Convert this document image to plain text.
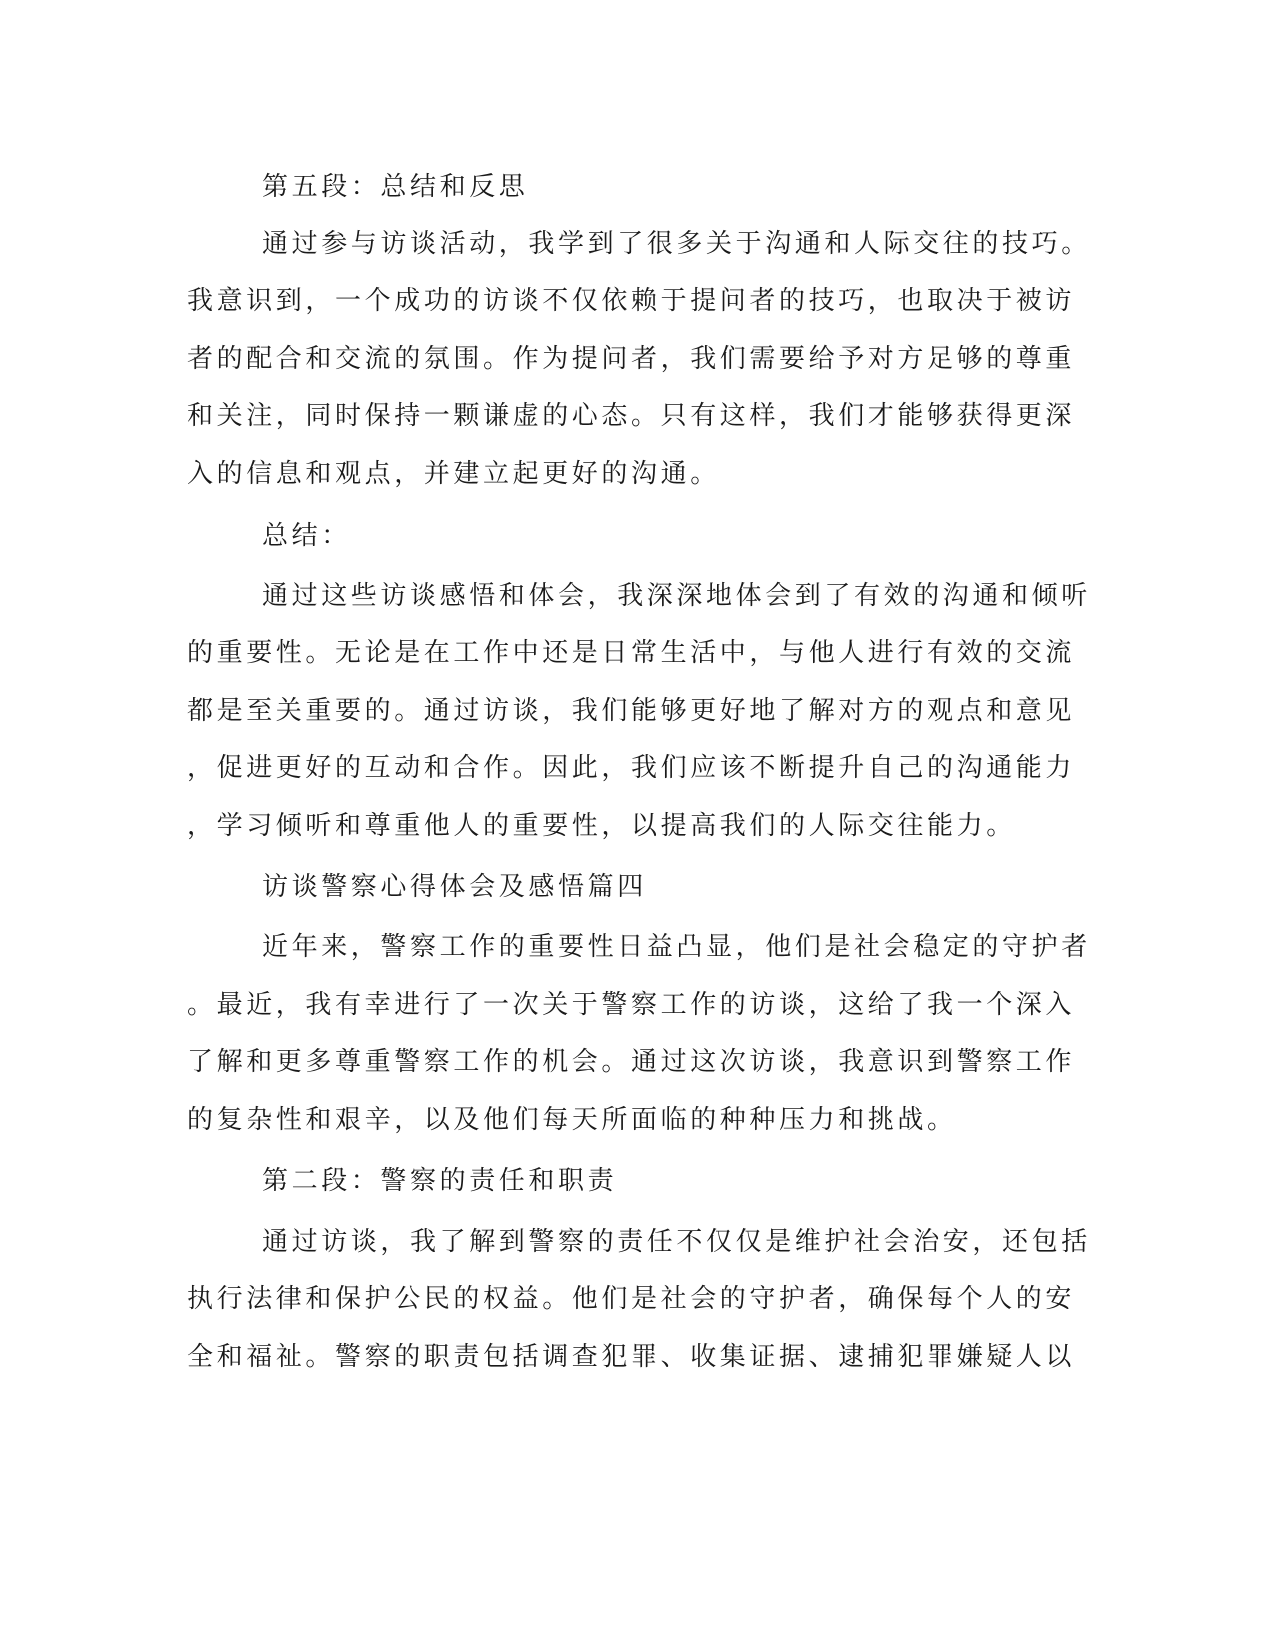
第五段：总结和反思
通过参与访谈活动，我学到了很多关于沟通和人际交往的技巧。
我意识到，一个成功的访谈不仅依赖于提问者的技巧，也取决于被访
者的配合和交流的氛围。作为提问者，我们需要给予对方足够的尊重
和关注，同时保持一颗谦虚的心态。只有这样，我们才能够获得更深
入的信息和观点，并建立起更好的沟通。
总结：
通过这些访谈感悟和体会，我深深地体会到了有效的沟通和倾听
的重要性。无论是在工作中还是日常生活中，与他人进行有效的交流
都是至关重要的。通过访谈，我们能够更好地了解对方的观点和意见
，促进更好的互动和合作。因此，我们应该不断提升自己的沟通能力
，学习倾听和尊重他人的重要性，以提高我们的人际交往能力。
访谈警察心得体会及感悟篇四
近年来，警察工作的重要性日益凸显，他们是社会稳定的守护者
。最近，我有幸进行了一次关于警察工作的访谈，这给了我一个深入
了解和更多尊重警察工作的机会。通过这次访谈，我意识到警察工作
的复杂性和艰辛，以及他们每天所面临的种种压力和挑战。
第二段：警察的责任和职责
通过访谈，我了解到警察的责任不仅仅是维护社会治安，还包括
执行法律和保护公民的权益。他们是社会的守护者，确保每个人的安
全和福祉。警察的职责包括调查犯罪、收集证据、逮捕犯罪嫌疑人以
